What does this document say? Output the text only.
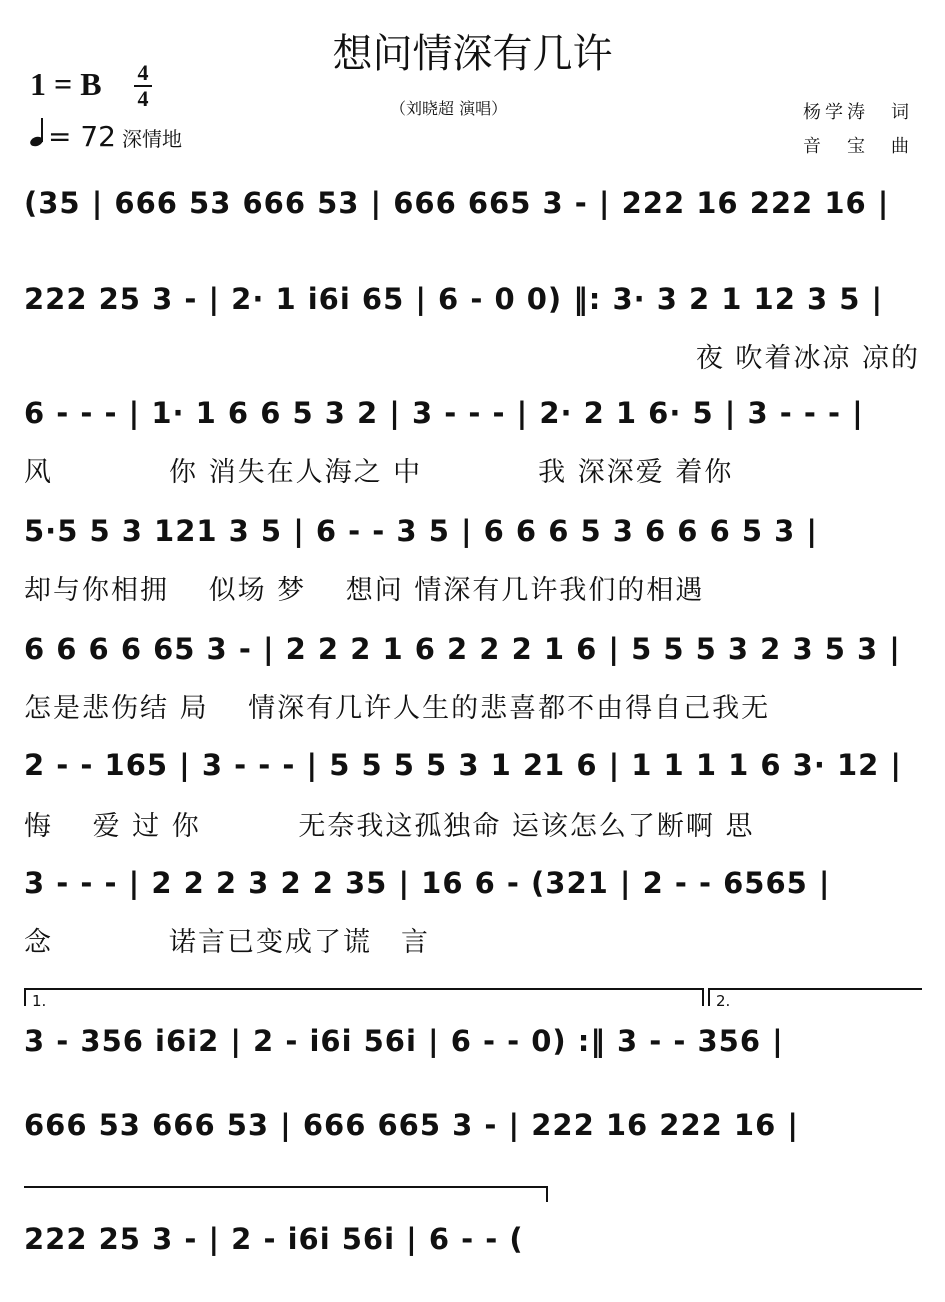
想问情深有几许
（刘晓超 演唱）
1 = B 4
4
= 72 深情地
杨学涛　词
音　宝　曲
(35 | 666 53 666 53 | 666 665 3 - | 222 16 222 16 |
222 25 3 - | 2· 1 i6i 65 | 6 - 0 0) ‖: 3· 3 2 1 12 3 5 |
夜 吹着冰凉 凉的
6 - - - | 1· 1 6 6 5 3 2 | 3 - - - | 2· 2 1 6· 5 | 3 - - - |
风　　　　你 消失在人海之 中　　　　我 深深爱 着你
5·5 5 3 121 3 5 | 6 - - 3 5 | 6 6 6 5 3 6 6 6 5 3 |
却与你相拥　 似场 梦　 想问 情深有几许我们的相遇
6 6 6 6 65 3 - | 2 2 2 1 6 2 2 2 1 6 | 5 5 5 3 2 3 5 3 |
怎是悲伤结 局　 情深有几许人生的悲喜都不由得自己我无
2 - - 165 | 3 - - - | 5 5 5 5 3 1 21 6 | 1 1 1 1 6 3· 12 |
悔　 爱 过 你　　　 无奈我这孤独命 运该怎么了断啊 思
3 - - - | 2 2 2 3 2 2 35 | 16 6 - (321 | 2 - - 6565 |
念　　　　诺言已变成了谎　言
1.	2.
3 - 356 i6i2 | 2 - i6i 56i | 6 - - 0) :‖ 3 - - 356 |
666 53 666 53 | 666 665 3 - | 222 16 222 16 |
222 25 3 - | 2 - i6i 56i | 6 - - (
